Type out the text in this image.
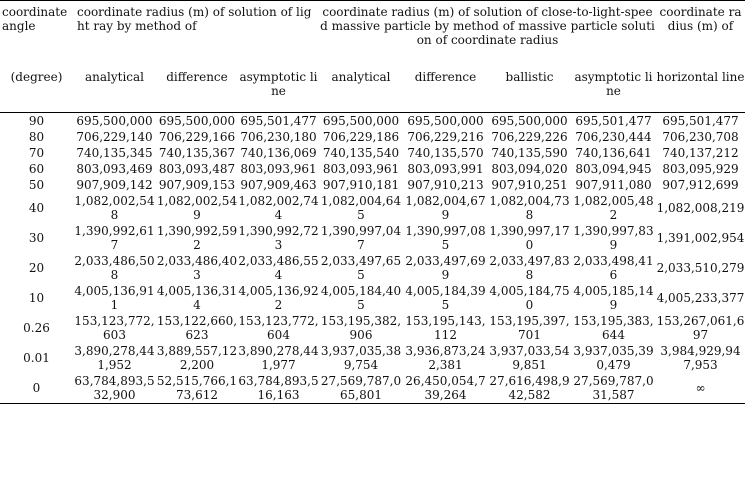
coordinate angle	coordinate radius (m) of solution of light ray by method of			coordinate radius (m) of solution of close-to-light-speed massive particle by method of massive particle solution of coordinate radius				coordinate radius (m) of
(degree)	analytical	difference	asymptotic line	analytical	difference	ballistic	asymptotic line	horizontal line
90	695,500,000	695,500,000	695,501,477	695,500,000	695,500,000	695,500,000	695,501,477	695,501,477
80	706,229,140	706,229,166	706,230,180	706,229,186	706,229,216	706,229,226	706,230,444	706,230,708
70	740,135,345	740,135,367	740,136,069	740,135,540	740,135,570	740,135,590	740,136,641	740,137,212
60	803,093,469	803,093,487	803,093,961	803,093,961	803,093,991	803,094,020	803,094,945	803,095,929
50	907,909,142	907,909,153	907,909,463	907,910,181	907,910,213	907,910,251	907,911,080	907,912,699
40	1,082,002,548	1,082,002,549	1,082,002,744	1,082,004,645	1,082,004,679	1,082,004,738	1,082,005,482	1,082,008,219
30	1,390,992,617	1,390,992,592	1,390,992,723	1,390,997,047	1,390,997,085	1,390,997,170	1,390,997,839	1,391,002,954
20	2,033,486,508	2,033,486,403	2,033,486,554	2,033,497,655	2,033,497,699	2,033,497,838	2,033,498,416	2,033,510,279
10	4,005,136,911	4,005,136,314	4,005,136,922	4,005,184,405	4,005,184,395	4,005,184,750	4,005,185,149	4,005,233,377
0.26	153,123,772,603	153,122,660,623	153,123,772,604	153,195,382,906	153,195,143,112	153,195,397,701	153,195,383,644	153,267,061,697
0.01	3,890,278,441,952	3,889,557,122,200	3,890,278,441,977	3,937,035,389,754	3,936,873,242,381	3,937,033,549,851	3,937,035,390,479	3,984,929,947,953
0	63,784,893,532,900	52,515,766,173,612	63,784,893,516,163	27,569,787,065,801	26,450,054,739,264	27,616,498,942,582	27,569,787,031,587	∞
